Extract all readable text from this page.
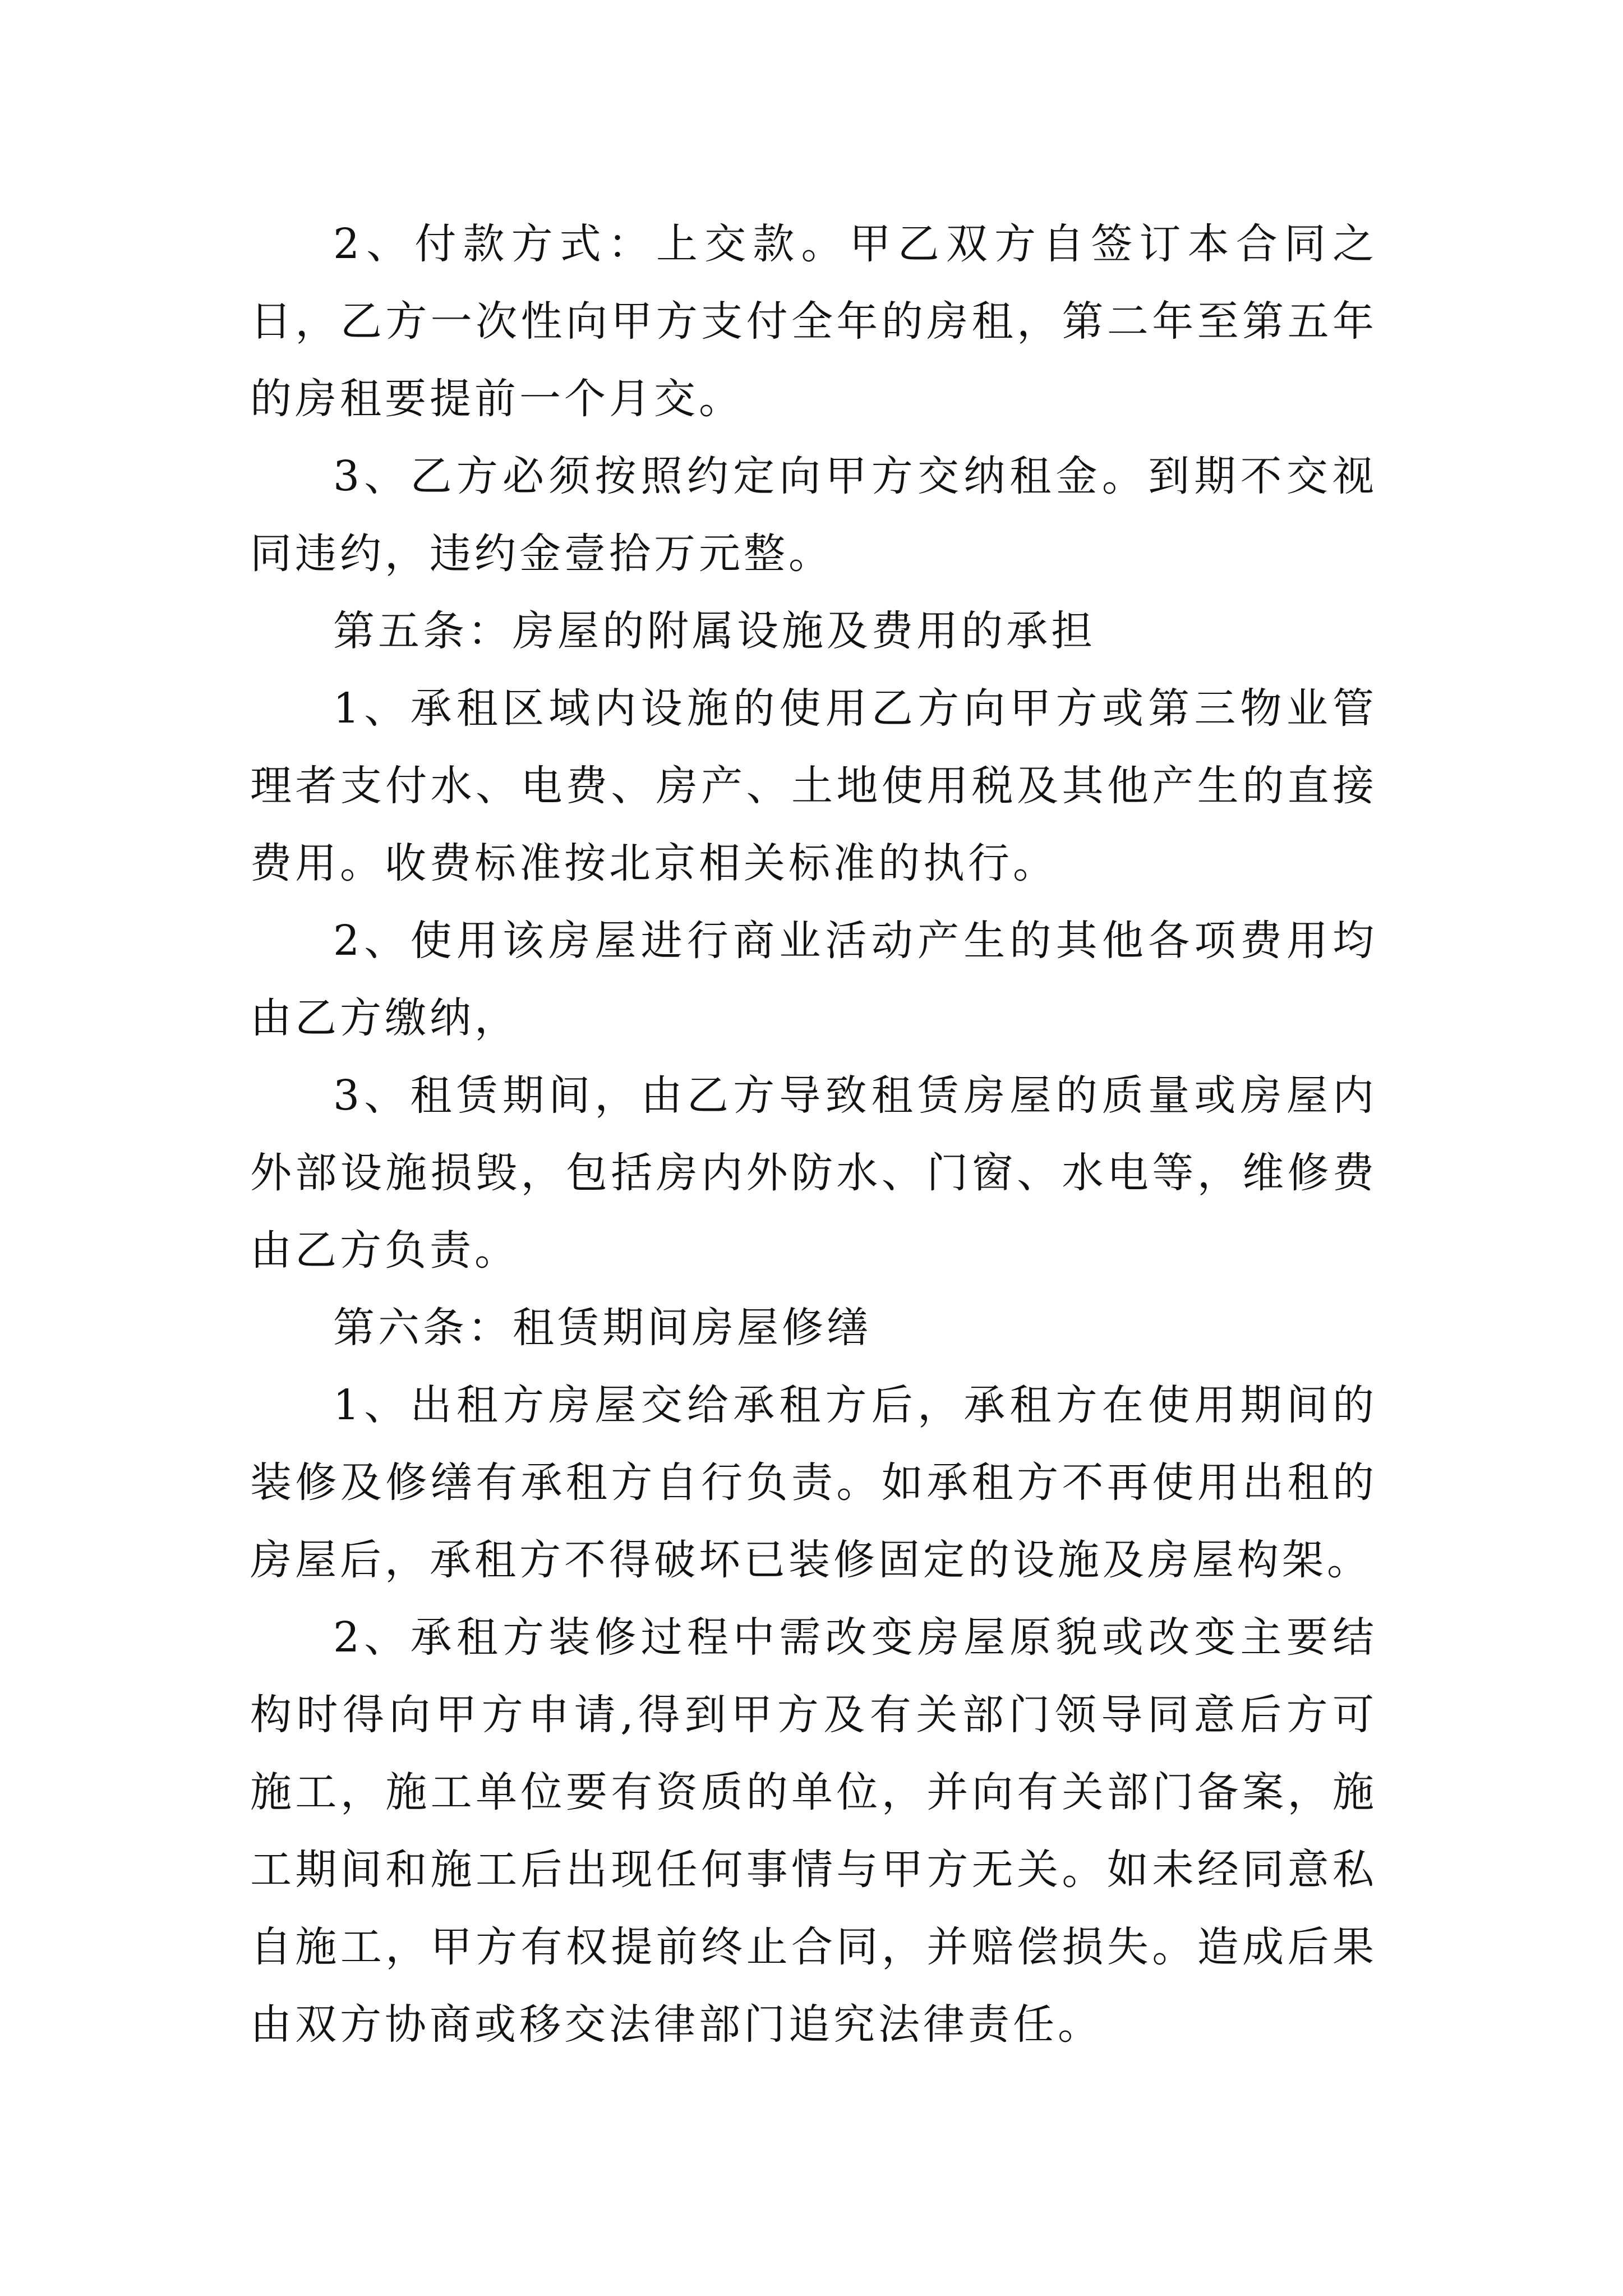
2、付款方式：上交款。甲乙双方自签订本合同之日，乙方一次性向甲方支付全年的房租，第二年至第五年的房租要提前一个月交。

3、乙方必须按照约定向甲方交纳租金。到期不交视同违约，违约金壹拾万元整。

第五条：房屋的附属设施及费用的承担

1、承租区域内设施的使用乙方向甲方或第三物业管理者支付水、电费、房产、土地使用税及其他产生的直接费用。收费标准按北京相关标准的执行。

2、使用该房屋进行商业活动产生的其他各项费用均由乙方缴纳，

3、租赁期间，由乙方导致租赁房屋的质量或房屋内外部设施损毁，包括房内外防水、门窗、水电等，维修费由乙方负责。

第六条：租赁期间房屋修缮

1、出租方房屋交给承租方后，承租方在使用期间的装修及修缮有承租方自行负责。如承租方不再使用出租的房屋后，承租方不得破坏已装修固定的设施及房屋构架。

2、承租方装修过程中需改变房屋原貌或改变主要结构时得向甲方申请,得到甲方及有关部门领导同意后方可施工，施工单位要有资质的单位，并向有关部门备案，施工期间和施工后出现任何事情与甲方无关。如未经同意私自施工，甲方有权提前终止合同，并赔偿损失。造成后果由双方协商或移交法律部门追究法律责任。
